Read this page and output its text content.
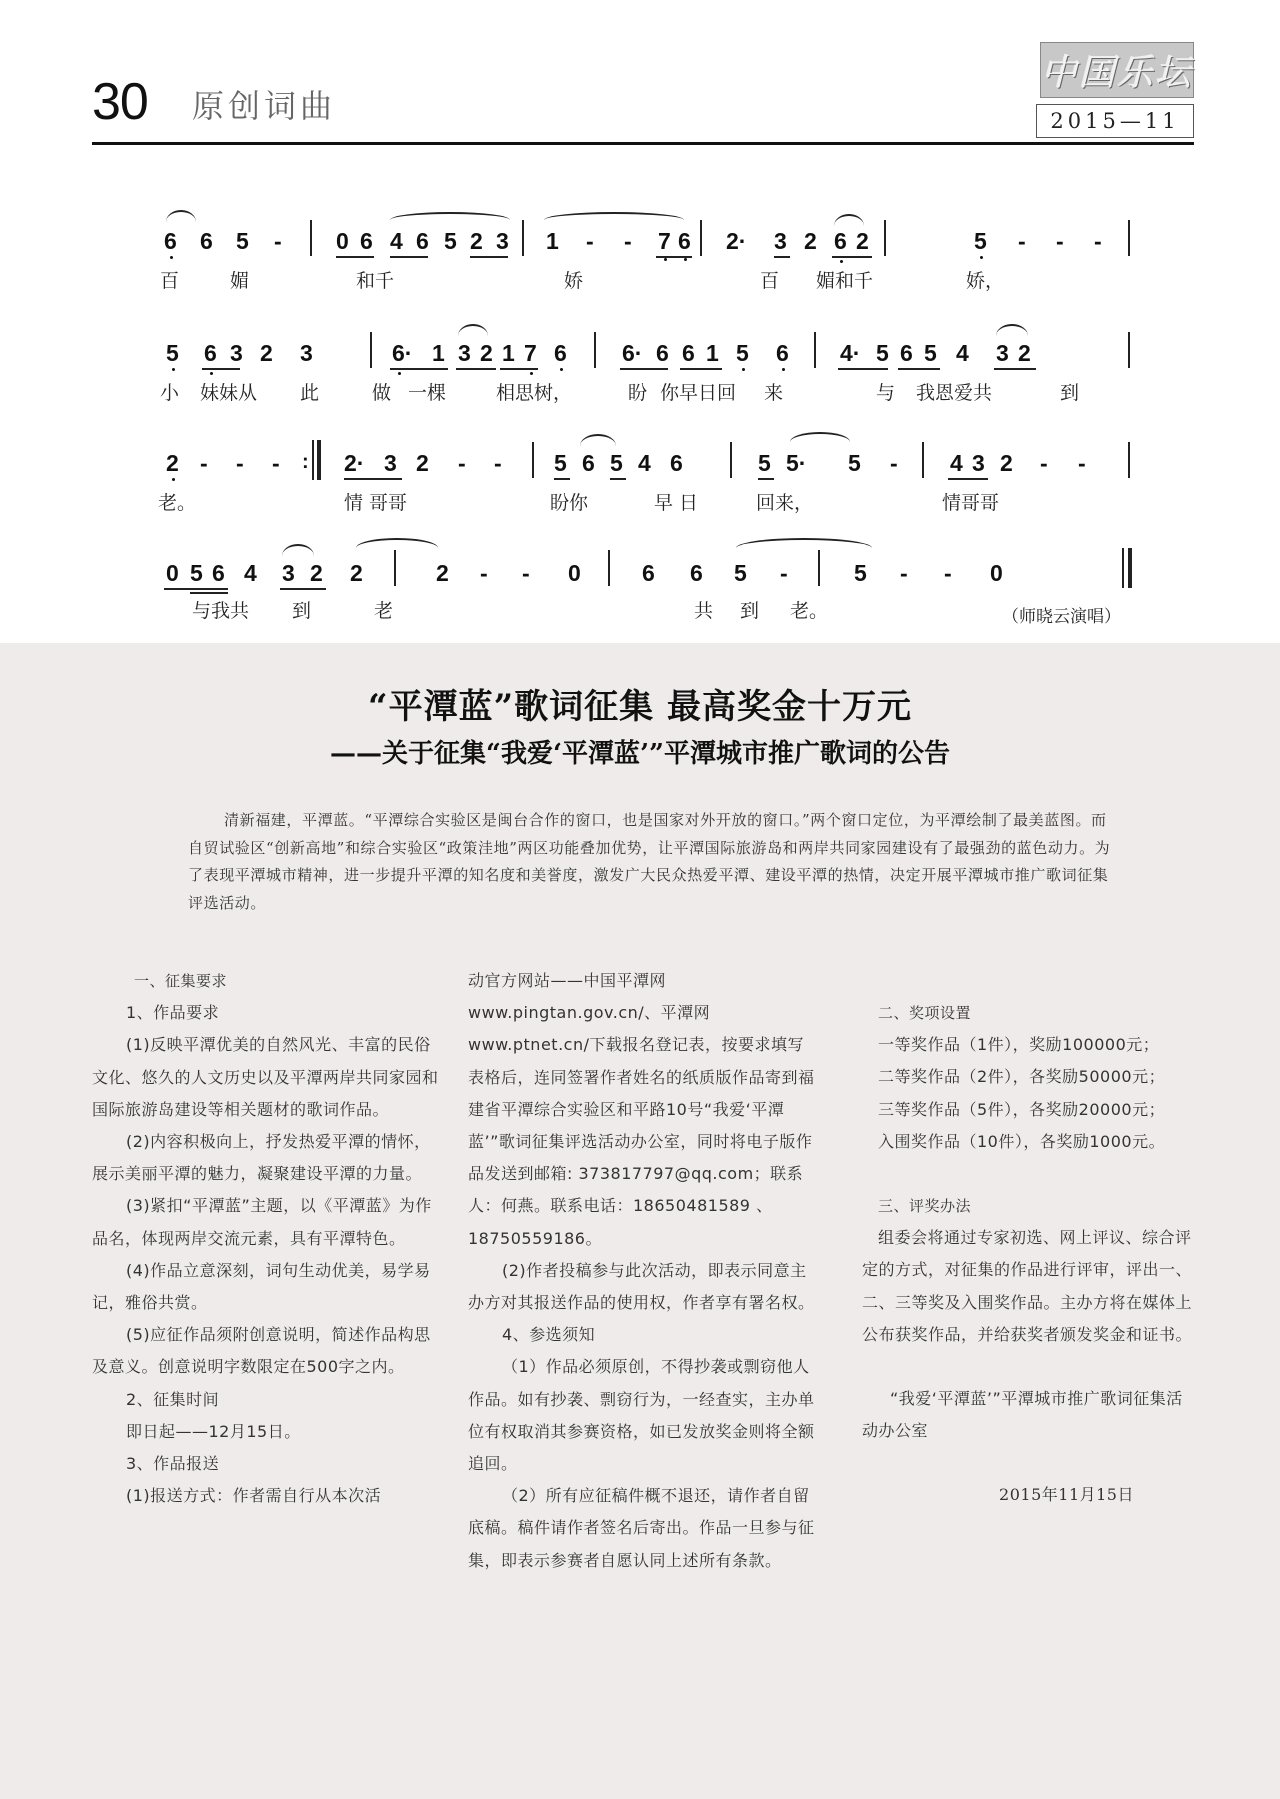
30 原创词曲
中国乐坛
2015—11
6 6 5 - 0 6 4 6 5 2 3 1 - - 7 6 2· 3 2 6 2	5 - - -
百	媚	和千	娇	百 媚和千	娇，
5 6 3 2 3	6· 1 3 2 1 7 6 6· 6 6 1 5 6 4· 5 6 5 4 3 2
小 妹妹从 此	做 一棵	相思树，	盼 你早日回 来	与 我恩爱共	到
2 - - - : 2· 3 2 - - 5 6 5 4 6	5 5· 5 - 4 3 2 - -
老。	情 哥哥	盼你	早 日	回来，	情哥哥
0 5 6 4 3 2 2	2 - - 0	6 6 5 -	5 - - 0
与我共 到	老	共 到 老。	（师晓云演唱）
“平潭蓝”歌词征集 最高奖金十万元
——关于征集“我爱‘平潭蓝’”平潭城市推广歌词的公告

清新福建，平潭蓝。“平潭综合实验区是闽台合作的窗口，也是国家对外开放的窗口。”两个窗口定位，为平潭绘制了最美蓝图。而自贸试验区“创新高地”和综合实验区“政策洼地”两区功能叠加优势，让平潭国际旅游岛和两岸共同家园建设有了最强劲的蓝色动力。为了表现平潭城市精神，进一步提升平潭的知名度和美誉度，激发广大民众热爱平潭、建设平潭的热情，决定开展平潭城市推广歌词征集评选活动。

一、征集要求

1、作品要求

(1)反映平潭优美的自然风光、丰富的民俗文化、悠久的人文历史以及平潭两岸共同家园和国际旅游岛建设等相关题材的歌词作品。

(2)内容积极向上，抒发热爱平潭的情怀，展示美丽平潭的魅力，凝聚建设平潭的力量。

(3)紧扣“平潭蓝”主题，以《平潭蓝》为作品名，体现两岸交流元素，具有平潭特色。

(4)作品立意深刻，词句生动优美，易学易记，雅俗共赏。

(5)应征作品须附创意说明，简述作品构思及意义。创意说明字数限定在500字之内。

2、征集时间

即日起——12月15日。

3、作品报送

(1)报送方式：作者需自行从本次活

动官方网站——中国平潭网www.pingtan.gov.cn/、平潭网www.ptnet.cn/下载报名登记表，按要求填写表格后，连同签署作者姓名的纸质版作品寄到福建省平潭综合实验区和平路10号“我爱‘平潭蓝’”歌词征集评选活动办公室，同时将电子版作品发送到邮箱: 373817797@qq.com；联系人：何燕。联系电话：18650481589 、18750559186。

(2)作者投稿参与此次活动，即表示同意主办方对其报送作品的使用权，作者享有署名权。

4、参选须知

（1）作品必须原创，不得抄袭或剽窃他人作品。如有抄袭、剽窃行为，一经查实，主办单位有权取消其参赛资格，如已发放奖金则将全额追回。

（2）所有应征稿件概不退还，请作者自留底稿。稿件请作者签名后寄出。作品一旦参与征集，即表示参赛者自愿认同上述所有条款。

二、奖项设置

一等奖作品（1件），奖励100000元；

二等奖作品（2件），各奖励50000元；

三等奖作品（5件），各奖励20000元；

入围奖作品（10件），各奖励1000元。

三、评奖办法

组委会将通过专家初选、网上评议、综合评定的方式，对征集的作品进行评审，评出一、二、三等奖及入围奖作品。主办方将在媒体上公布获奖作品，并给获奖者颁发奖金和证书。

“我爱‘平潭蓝’”平潭城市推广歌词征集活动办公室

2015年11月15日
